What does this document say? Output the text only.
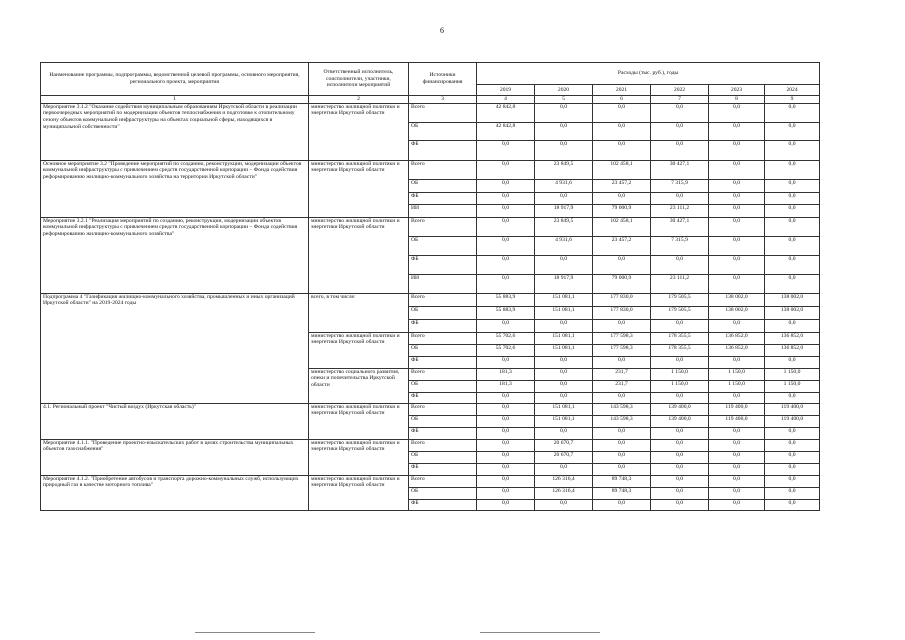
6
Наименование программы, подпрограммы, ведомственной целевой программы, основного мероприятия, регионального проекта, мероприятия	Ответственный исполнитель, соисполнители, участники, исполнители мероприятий	Источники финансирования	Расходы (тыс. руб.), годы					
			2019	2020	2021	2022	2023	2024
1	2	3	4	5	6	7	8	9
Мероприятие 3.1.2 "Оказание содействия муниципальным образованиям Иркутской области в реализации первоочередных мероприятий по модернизации объектов теплоснабжения и подготовке к отопительному сезону объектов коммунальной инфраструктуры на объектах социальной сферы, находящихся в муниципальной собственности"	министерство жилищной политики и энергетики Иркутской области	Всего	42 842,8	0,0	0,0	0,0	0,0	0,0
		ОБ	42 842,8	0,0	0,0	0,0	0,0	0,0
		ФБ	0,0	0,0	0,0	0,0	0,0	0,0
Основное мероприятие 3.2 "Проведение мероприятий по созданию, реконструкции, модернизации объектов коммунальной инфраструктуры с привлечением средств государственной корпорации – Фонда содействия реформированию жилищно-коммунального хозяйства на территории Иркутской области"	министерство жилищной политики и энергетики Иркутской области	Всего	0,0	23 849,5	102 458,1	30 427,1	0,0	0,0
		ОБ	0,0	4 931,6	23 457,2	7 315,9	0,0	0,0
		ФБ	0,0	0,0	0,0	0,0	0,0	0,0
		ИИ	0,0	18 917,9	79 000,9	23 111,2	0,0	0,0
Мероприятие 3.2.1 "Реализация мероприятий по созданию, реконструкции, модернизации объектов коммунальной инфраструктуры с привлечением средств государственной корпорации – Фонда содействия реформированию жилищно-коммунального хозяйства"	министерство жилищной политики и энергетики Иркутской области	Всего	0,0	23 849,5	102 458,1	30 427,1	0,0	0,0
		ОБ	0,0	4 931,6	23 457,2	7 315,9	0,0	0,0
		ФБ	0,0	0,0	0,0	0,0	0,0	0,0
		ИИ	0,0	18 917,9	79 000,9	23 111,2	0,0	0,0
Подпрограмма 4 "Газификация жилищно-коммунального хозяйства, промышленных и иных организаций Иркутской области" на 2019-2024 годы	всего, в том числе:	Всего	55 883,9	151 081,1	177 830,0	179 505,5	138 002,0	138 002,0
		ОБ	55 883,9	151 081,1	177 830,0	179 505,5	138 002,0	138 002,0
		ФБ	0,0	0,0	0,0	0,0	0,0	0,0
	министерство жилищной политики и энергетики Иркутской области	Всего	55 702,6	151 081,1	177 598,3	178 355,5	136 852,0	136 852,0
		ОБ	55 702,6	151 081,1	177 598,3	178 355,5	136 852,0	136 852,0
		ФБ	0,0	0,0	0,0	0,0	0,0	0,0
	министерство социального развития, опеки и попечительства Иркутской области	Всего	181,3	0,0	231,7	1 150,0	1 150,0	1 150,0
		ОБ	181,3	0,0	231,7	1 150,0	1 150,0	1 150,0
		ФБ	0,0	0,0	0,0	0,0	0,0	0,0
4.1. Региональный проект "Чистый воздух (Иркутская область)"	министерство жилищной политики и энергетики Иркутской области	Всего	0,0	151 081,1	143 598,3	139 400,0	119 400,0	119 400,0
		ОБ	0,0	151 081,1	143 598,3	139 400,0	119 400,0	119 400,0
		ФБ	0,0	0,0	0,0	0,0	0,0	0,0
Мероприятие 4.1.1. "Проведение проектно-изыскательских работ в целях строительства муниципальных объектов газоснабжения"	министерство жилищной политики и энергетики Иркутской области	Всего	0,0	20 670,7	0,0	0,0	0,0	0,0
		ОБ	0,0	20 670,7	0,0	0,0	0,0	0,0
		ФБ	0,0	0,0	0,0	0,0	0,0	0,0
Мероприятие 4.1.2. "Приобретение автобусов и транспорта дорожно-коммунальных служб, использующих природный газ в качестве моторного топлива"	министерство жилищной политики и энергетики Иркутской области	Всего	0,0	126 316,4	89 748,3	0,0	0,0	0,0
		ОБ	0,0	126 316,4	89 748,3	0,0	0,0	0,0
		ФБ	0,0	0,0	0,0	0,0	0,0	0,0
